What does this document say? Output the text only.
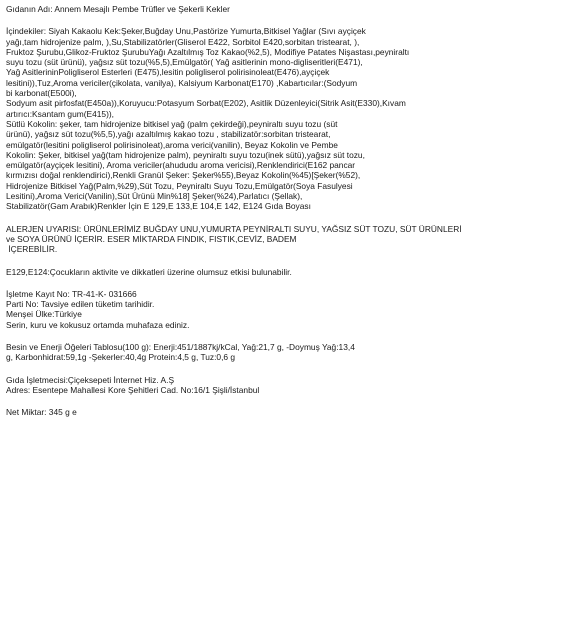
Gıdanın Adı: Annem Mesajlı Pembe Trüfler ve Şekerli Kekler
İçindekiler: Siyah Kakaolu Kek:Şeker,Buğday Unu,Pastörize Yumurta,Bitkisel Yağlar (Sıvı ayçiçek
yağı,tam hidrojenize palm, ),Su,Stabilizatörler(Gliserol E422, Sorbitol E420,sorbitan tristearat, ),
Fruktoz Şurubu,Glikoz-Fruktoz ŞurubuYağı Azaltılmış Toz Kakao(%2,5), Modifiye Patates Nişastası,peyniraltı
suyu tozu (süt ürünü), yağsız süt tozu(%5,5),Emülgatör( Yağ asitlerinin mono-digliseritleri(E471),
Yağ AsitlerininPoligliserol Esterleri (E475),lesitin poligliserol polirisinoleat(E476),ayçiçek
lesitini)),Tuz,Aroma vericiler(çikolata, vanilya), Kalsiyum Karbonat(E170) ,Kabartıcılar:(Sodyum
bi karbonat(E500i),
Sodyum asit pirfosfat(E450a)),Koruyucu:Potasyum Sorbat(E202), Asitlik Düzenleyici(Sitrik Asit(E330),Kıvam
artırıcı:Ksantam gum(E415)),
Sütlü Kokolin: şeker, tam hidrojenize bitkisel yağ (palm çekirdeği),peyniraltı suyu tozu (süt
ürünü), yağsız süt tozu(%5,5),yağı azaltılmış kakao tozu , stabilizatör:sorbitan tristearat,
emülgatör(lesitini poligliserol polirisinoleat),aroma verici(vanilin), Beyaz Kokolin ve Pembe
Kokolin: Şeker, bitkisel yağ(tam hidrojenize palm), peyniraltı suyu tozu(inek sütü),yağsız süt tozu,
emülgatör(ayçiçek lesitini), Aroma vericiler(ahududu aroma vericisi),Renklendirici(E162 pancar
kırmızısı doğal renklendirici),Renkli Granül Şeker: Şeker%55),Beyaz Kokolin(%45)[Şeker(%52),
Hidrojenize Bitkisel Yağ(Palm,%29),Süt Tozu, Peyniraltı Suyu Tozu,Emülgatör(Soya Fasulyesi
Lesitini),Aroma Verici(Vanilin),Süt Ürünü Min%18] Şeker(%24),Parlatıcı (Şellak),
Stabilizatör(Gam Arabık)Renkler İçin E 129,E 133,E 104,E 142, E124 Gıda Boyası
ALERJEN UYARISI: ÜRÜNLERİMİZ BUĞDAY UNU,YUMURTA PEYNİRALTI SUYU, YAĞSIZ SÜT TOZU, SÜT ÜRÜNLERİ
ve SOYA ÜRÜNÜ İÇERİR. ESER MİKTARDA FINDIK, FISTIK,CEVİZ, BADEM
İÇEREBİLİR.
E129,E124:Çocukların aktivite ve dikkatleri üzerine olumsuz etkisi bulunabilir.
İşletme Kayıt No: TR-41-K- 031666
Parti No: Tavsiye edilen tüketim tarihidir.
Menşei Ülke:Türkiye
Serin, kuru ve kokusuz ortamda muhafaza ediniz.
Besin ve Enerji Öğeleri Tablosu(100 g): Enerji:451/1887kj/kCal, Yağ:21,7 g, -Doymuş Yağ:13,4
g, Karbonhidrat:59,1g -Şekerler:40,4g Protein:4,5 g, Tuz:0,6 g
Gıda İşletmecisi:Çiçeksepeti İnternet Hiz. A.Ş
Adres: Esentepe Mahallesi Kore Şehitleri Cad. No:16/1 Şişli/İstanbul
Net Miktar: 345 g e
